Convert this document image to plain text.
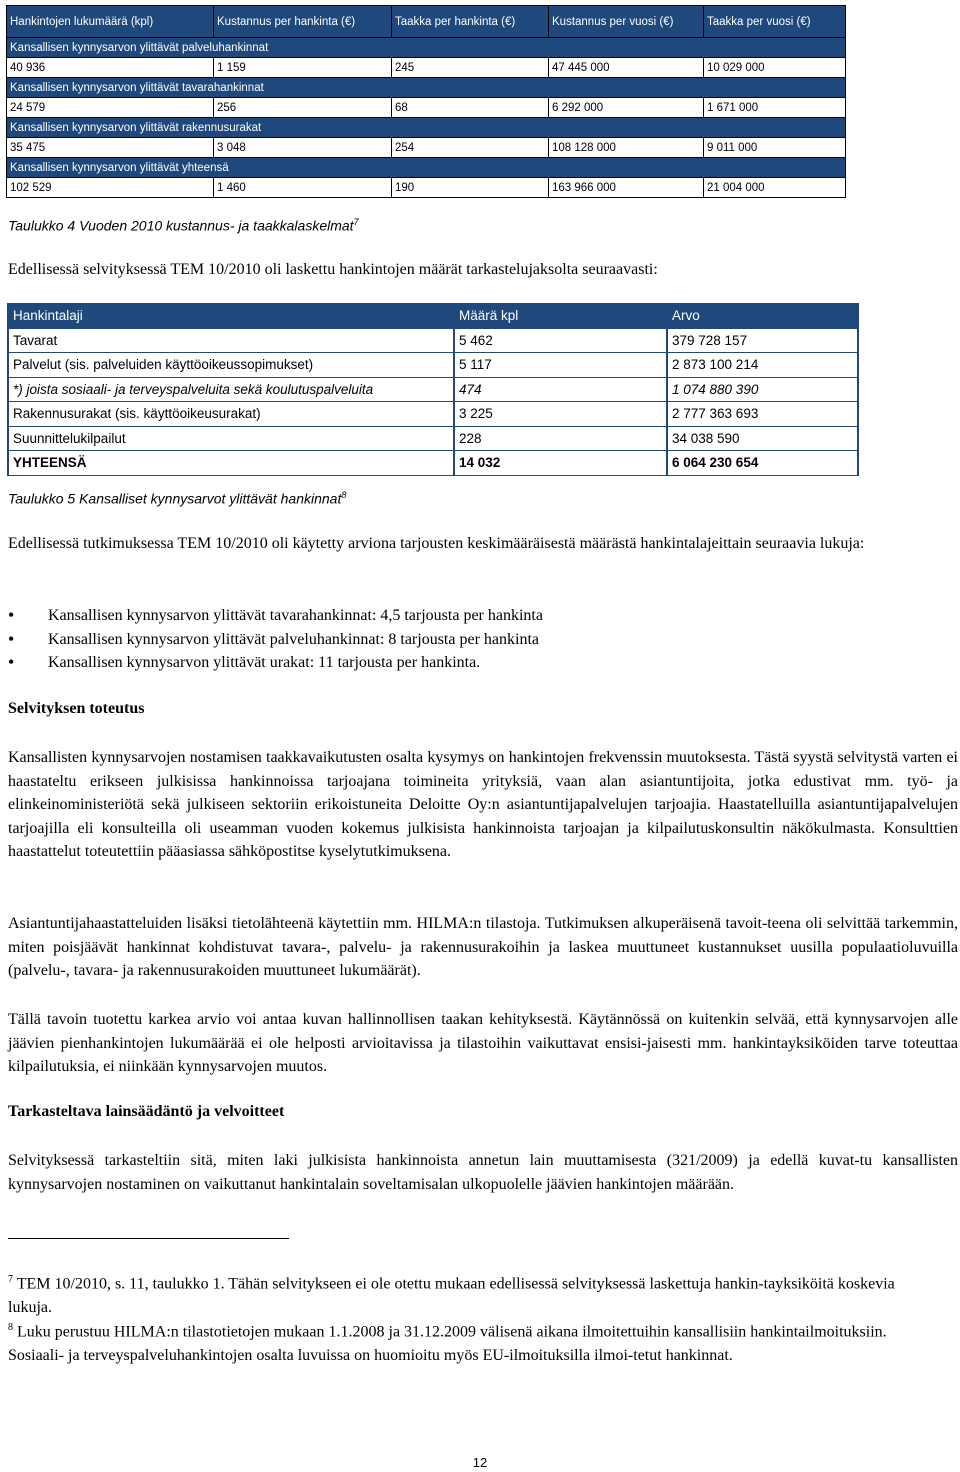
Hankintojen lukumäärä (kpl)	Kustannus per hankinta (€)	Taakka per hankinta (€)	Kustannus per vuosi (€)	Taakka per vuosi (€)
Kansallisen kynnysarvon ylittävät palveluhankinnat				
40 936	1 159	245	47 445 000	10 029 000
Kansallisen kynnysarvon ylittävät tavarahankinnat				
24 579	256	68	6 292 000	1 671 000
Kansallisen kynnysarvon ylittävät rakennusurakat				
35 475	3 048	254	108 128 000	9 011 000
Kansallisen kynnysarvon ylittävät yhteensä				
102 529	1 460	190	163 966 000	21 004 000
Taulukko 4 Vuoden 2010 kustannus- ja taakkalaskelmat$^7$
Edellisessä selvityksessä TEM 10/2010 oli laskettu hankintojen määrät tarkastelujaksolta seuraavasti:
Hankintalaji	Määrä kpl	Arvo
Tavarat	5 462	379 728 157
Palvelut (sis. palveluiden käyttöoikeussopimukset)	5 117	2 873 100 214
*) joista sosiaali- ja terveyspalveluita sekä koulutuspalveluita	474	1 074 880 390
Rakennusurakat (sis. käyttöoikeusurakat)	3 225	2 777 363 693
Suunnittelukilpailut	228	34 038 590
YHTEENSÄ	14 032	6 064 230 654
Taulukko 5 Kansalliset kynnysarvot ylittävät hankinnat$^8$
Edellisessä tutkimuksessa TEM 10/2010 oli käytetty arviona tarjousten keskimääräisestä määrästä hankintalajeittain seuraavia lukuja:
• Kansallisen kynnysarvon ylittävät tavarahankinnat: 4,5 tarjousta per hankinta
• Kansallisen kynnysarvon ylittävät palveluhankinnat: 8 tarjousta per hankinta
• Kansallisen kynnysarvon ylittävät urakat: 11 tarjousta per hankinta.
Selvityksen toteutus
Kansallisten kynnysarvojen nostamisen taakkavaikutusten osalta kysymys on hankintojen frekvenssin muutoksesta. Tästä syystä selvitystä varten ei haastateltu erikseen julkisissa hankinnoissa tarjoajana toimineita yrityksiä, vaan alan asiantuntijoita, jotka edustivat mm. työ- ja elinkeinoministeriötä sekä julkiseen sektoriin erikoistuneita Deloitte Oy:n asiantuntijapalvelujen tarjoajia. Haastatelluilla asiantuntijapalvelujen tarjoajilla eli konsulteilla oli useamman vuoden kokemus julkisista hankinnoista tarjoajan ja kilpailutuskonsultin näkökulmasta. Konsulttien haastattelut toteutettiin pääasiassa sähköpostitse kyselytutkimuksena.
Asiantuntijahaastatteluiden lisäksi tietolähteenä käytettiin mm. HILMA:n tilastoja. Tutkimuksen alkuperäisenä tavoit-teena oli selvittää tarkemmin, miten poisjäävät hankinnat kohdistuvat tavara-, palvelu- ja rakennusurakoihin ja laskea muuttuneet kustannukset uusilla populaatioluvuilla (palvelu-, tavara- ja rakennusurakoiden muuttuneet lukumäärät).
Tällä tavoin tuotettu karkea arvio voi antaa kuvan hallinnollisen taakan kehityksestä. Käytännössä on kuitenkin selvää, että kynnysarvojen alle jäävien pienhankintojen lukumäärää ei ole helposti arvioitavissa ja tilastoihin vaikuttavat ensisi-jaisesti mm. hankintayksiköiden tarve toteuttaa kilpailutuksia, ei niinkään kynnysarvojen muutos.
Tarkasteltava lainsäädäntö ja velvoitteet
Selvityksessä tarkasteltiin sitä, miten laki julkisista hankinnoista annetun lain muuttamisesta (321/2009) ja edellä kuvat-tu kansallisten kynnysarvojen nostaminen on vaikuttanut hankintalain soveltamisalan ulkopuolelle jäävien hankintojen määrään.
$^7$ TEM 10/2010, s. 11, taulukko 1. Tähän selvitykseen ei ole otettu mukaan edellisessä selvityksessä laskettuja hankin-tayksiköitä koskevia lukuja.
$^8$ Luku perustuu HILMA:n tilastotietojen mukaan 1.1.2008 ja 31.12.2009 välisenä aikana ilmoitettuihin kansallisiin hankintailmoituksiin. Sosiaali- ja terveyspalveluhankintojen osalta luvuissa on huomioitu myös EU-ilmoituksilla ilmoi-tetut hankinnat.
12
